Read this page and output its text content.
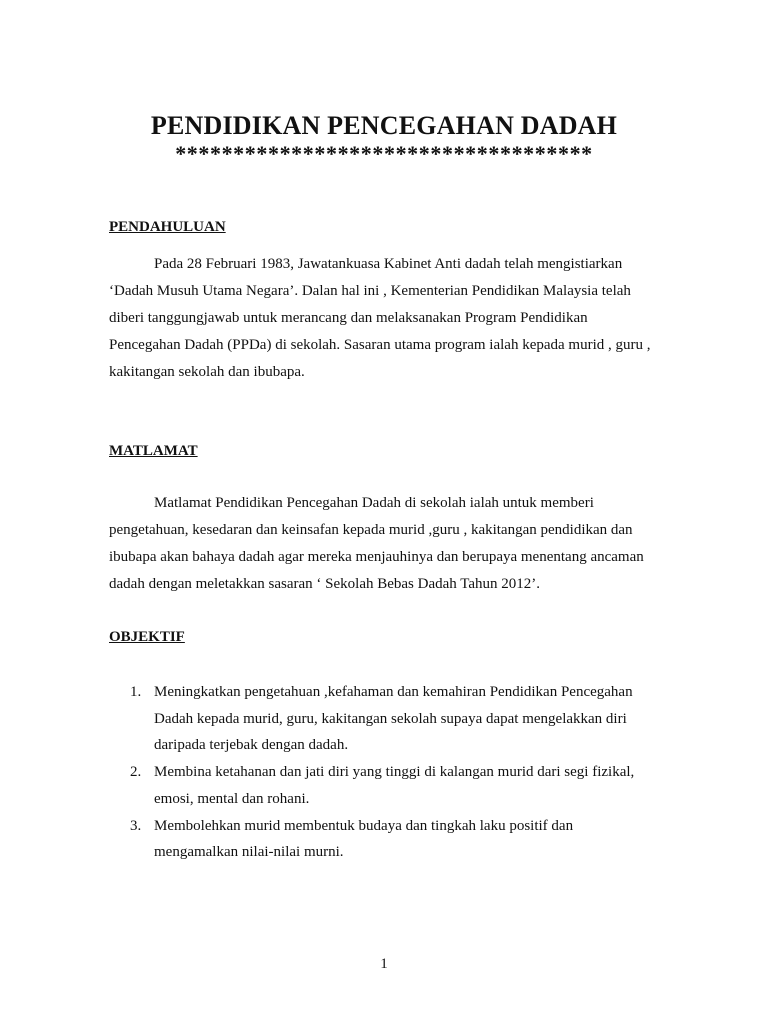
PENDIDIKAN PENCEGAHAN DADAH
************************************
PENDAHULUAN

Pada 28 Februari 1983, Jawatankuasa Kabinet Anti dadah telah mengistiarkan
‘Dadah Musuh Utama Negara’. Dalan hal ini , Kementerian Pendidikan Malaysia telah
diberi tanggungjawab untuk merancang dan melaksanakan Program Pendidikan
Pencegahan Dadah (PPDa) di sekolah. Sasaran utama program ialah kepada murid , guru ,
kakitangan sekolah dan ibubapa.

MATLAMAT

Matlamat Pendidikan Pencegahan Dadah di sekolah ialah untuk memberi
pengetahuan, kesedaran dan keinsafan kepada murid ,guru , kakitangan pendidikan dan
ibubapa akan bahaya dadah agar mereka menjauhinya dan berupaya menentang ancaman
dadah dengan meletakkan sasaran ‘ Sekolah Bebas Dadah Tahun 2012’.

OBJEKTIF
1. Meningkatkan pengetahuan ,kefahaman dan kemahiran Pendidikan Pencegahan
Dadah kepada murid, guru, kakitangan sekolah supaya dapat mengelakkan diri
daripada terjebak dengan dadah.
2. Membina ketahanan dan jati diri yang tinggi di kalangan murid dari segi fizikal,
emosi, mental dan rohani.
3. Membolehkan murid membentuk budaya dan tingkah laku positif dan
mengamalkan nilai-nilai murni.
1
